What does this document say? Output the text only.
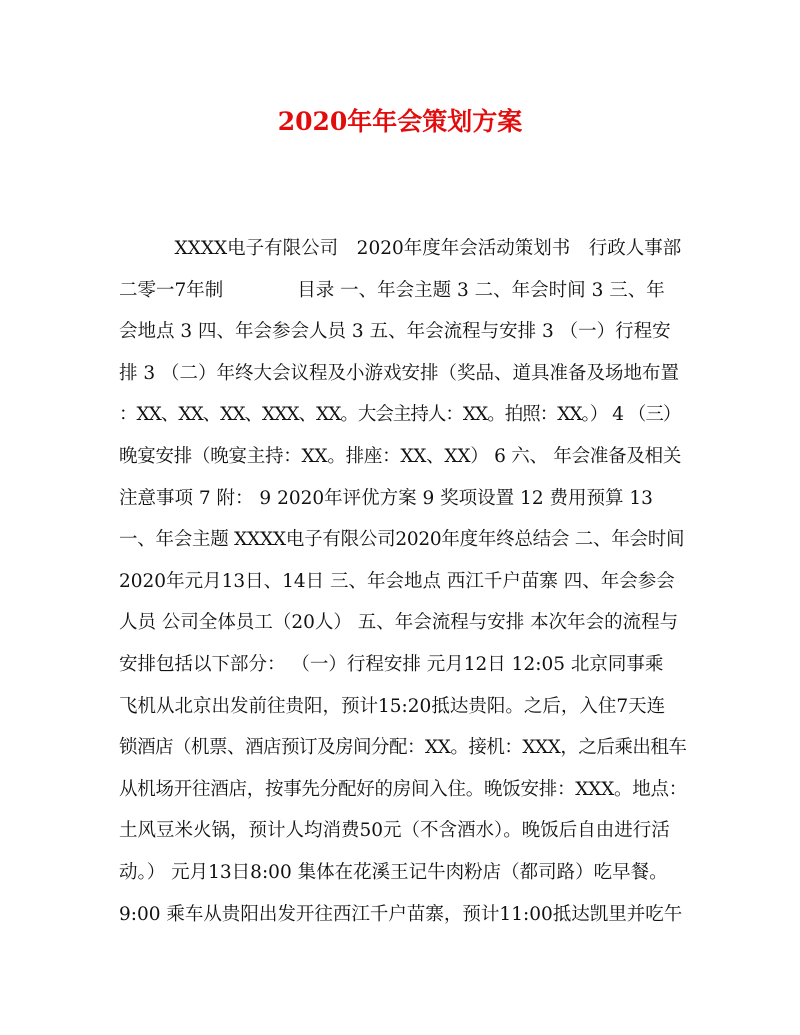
2020年年会策划方案
　　　XXXX电子有限公司　2020年度年会活动策划书　行政人事部
二零一7年制　　　　目录 一、年会主题 3 二、年会时间 3 三、年
会地点 3 四、年会参会人员 3 五、年会流程与安排 3 （一）行程安
排 3 （二）年终大会议程及小游戏安排（奖品、道具准备及场地布置
：XX、XX、XX、XXX、XX。大会主持人：XX。拍照：XX。） 4 （三）
晚宴安排（晚宴主持：XX。排座：XX、XX） 6 六、 年会准备及相关
注意事项 7 附： 9 2020年评优方案 9 奖项设置 12 费用预算 13
一、年会主题 XXXX电子有限公司2020年度年终总结会 二、年会时间
2020年元月13日、14日 三、年会地点 西江千户苗寨 四、年会参会
人员 公司全体员工（20人） 五、年会流程与安排 本次年会的流程与
安排包括以下部分： （一）行程安排 元月12日 12:05 北京同事乘
飞机从北京出发前往贵阳，预计15:20抵达贵阳。之后，入住7天连
锁酒店（机票、酒店预订及房间分配：XX。接机：XXX，之后乘出租车
从机场开往酒店，按事先分配好的房间入住。晚饭安排：XXX。地点：
土风豆米火锅，预计人均消费50元（不含酒水）。晚饭后自由进行活
动。） 元月13日8:00 集体在花溪王记牛肉粉店（都司路）吃早餐。
9:00 乘车从贵阳出发开往西江千户苗寨，预计11:00抵达凯里并吃午
